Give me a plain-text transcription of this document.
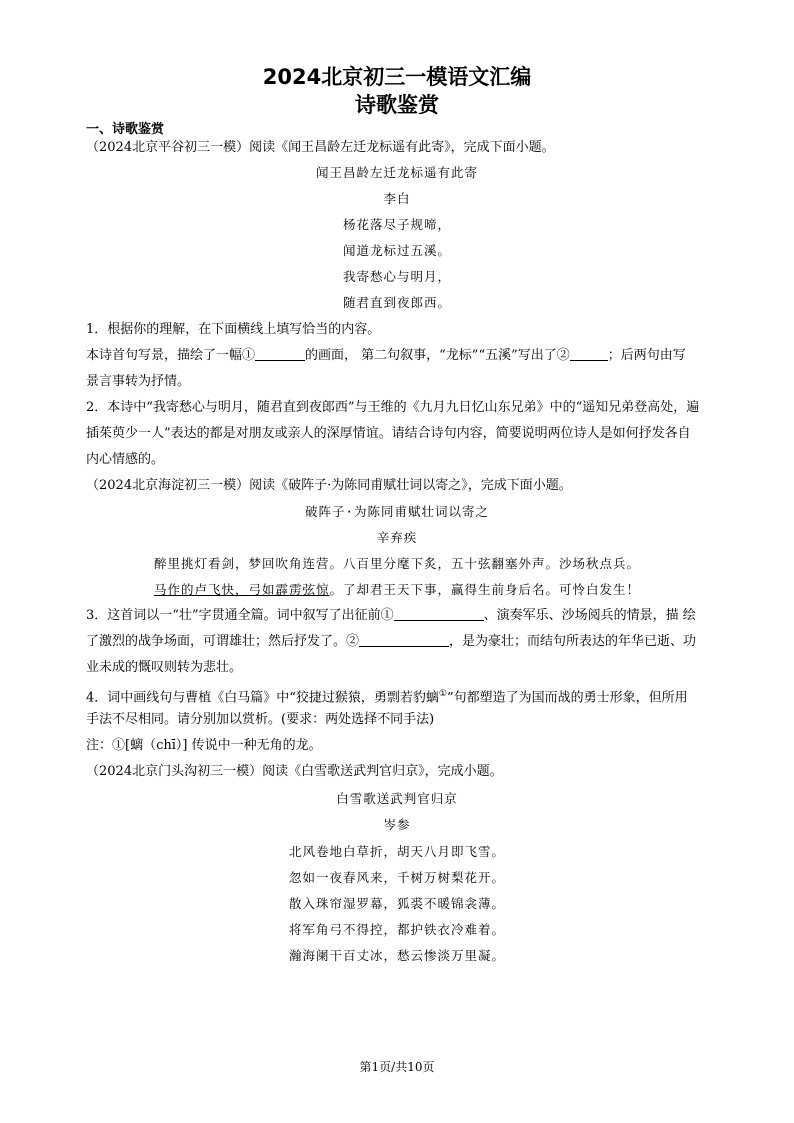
2024北京初三一模语文汇编
诗歌鉴赏
一、诗歌鉴赏
（2024北京平谷初三一模）阅读《闻王昌龄左迁龙标遥有此寄》，完成下面小题。
闻王昌龄左迁龙标遥有此寄
李白
杨花落尽子规啼，
闻道龙标过五溪。
我寄愁心与明月，
随君直到夜郎西。
1．根据你的理解，在下面横线上填写恰当的内容。
本诗首句写景，描绘了一幅①	的画面， 第二句叙事，“龙标”“五溪”写出了②	；后两句由写
景言事转为抒情。
2．本诗中“我寄愁心与明月，随君直到夜郎西”与王维的《九月九日忆山东兄弟》中的“遥知兄弟登高处，遍
插茱萸少一人”表达的都是对朋友或亲人的深厚情谊。请结合诗句内容，简要说明两位诗人是如何抒发各自
内心情感的。
（2024北京海淀初三一模）阅读《破阵子·为陈同甫赋壮词以寄之》，完成下面小题。
破阵子·为陈同甫赋壮词以寄之
辛弃疾
醉里挑灯看剑，梦回吹角连营。八百里分麾下炙，五十弦翻塞外声。沙场秋点兵。
马作的卢飞快，弓如霹雳弦惊。了却君王天下事，赢得生前身后名。可怜白发生！
3．这首词以一“壮”字贯通全篇。词中叙写了出征前①	、演奏军乐、沙场阅兵的情景，描 绘
了激烈的战争场面，可谓雄壮；然后抒发了。②	，是为豪壮；而结句所表达的年华已逝、功
业未成的慨叹则转为悲壮。
4．词中画线句与曹植《白马篇》中“狡捷过猴猿，勇剽若豹螭①”句都塑造了为国而战的勇士形象，但所用
手法不尽相同。请分别加以赏析。(要求：两处选择不同手法)
注：①[螭（chī）] 传说中一种无角的龙。
（2024北京门头沟初三一模）阅读《白雪歌送武判官归京》，完成小题。
白雪歌送武判官归京
岑参
北风卷地白草折，胡天八月即飞雪。
忽如一夜春风来，千树万树梨花开。
散入珠帘湿罗幕，狐裘不暖锦衾薄。
将军角弓不得控，都护铁衣冷难着。
瀚海阑干百丈冰，愁云惨淡万里凝。
第1页/共10页
